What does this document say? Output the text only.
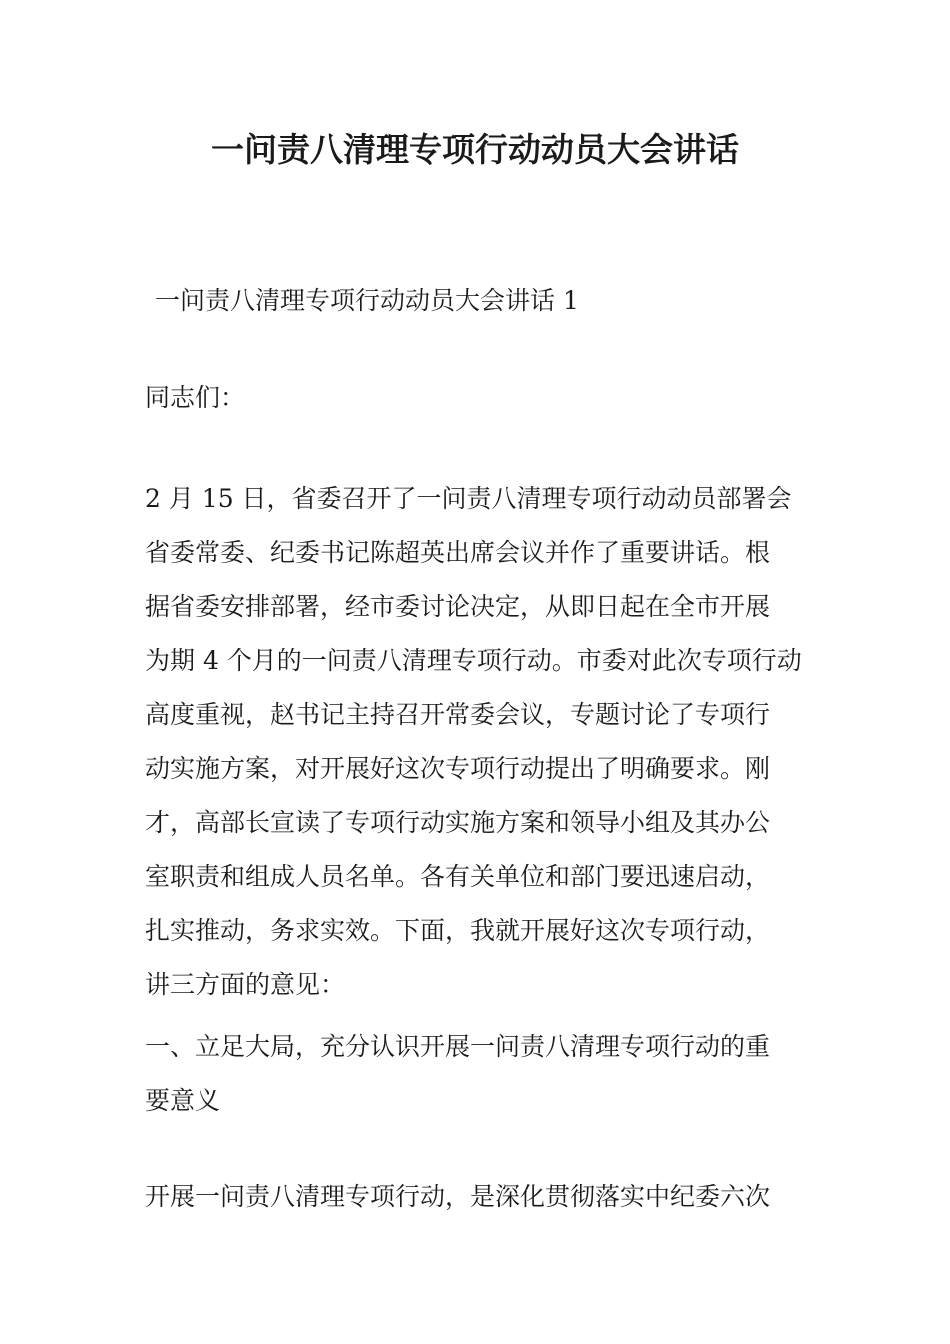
一问责八清理专项行动动员大会讲话

一问责八清理专项行动动员大会讲话 1

同志们：

2 月 15 日，省委召开了一问责八清理专项行动动员部署会
省委常委、纪委书记陈超英出席会议并作了重要讲话。根
据省委安排部署，经市委讨论决定，从即日起在全市开展
为期 4 个月的一问责八清理专项行动。市委对此次专项行动
高度重视，赵书记主持召开常委会议，专题讨论了专项行
动实施方案，对开展好这次专项行动提出了明确要求。刚
才，高部长宣读了专项行动实施方案和领导小组及其办公
室职责和组成人员名单。各有关单位和部门要迅速启动，
扎实推动，务求实效。下面，我就开展好这次专项行动，
讲三方面的意见：
一、立足大局，充分认识开展一问责八清理专项行动的重
要意义
开展一问责八清理专项行动，是深化贯彻落实中纪委六次
